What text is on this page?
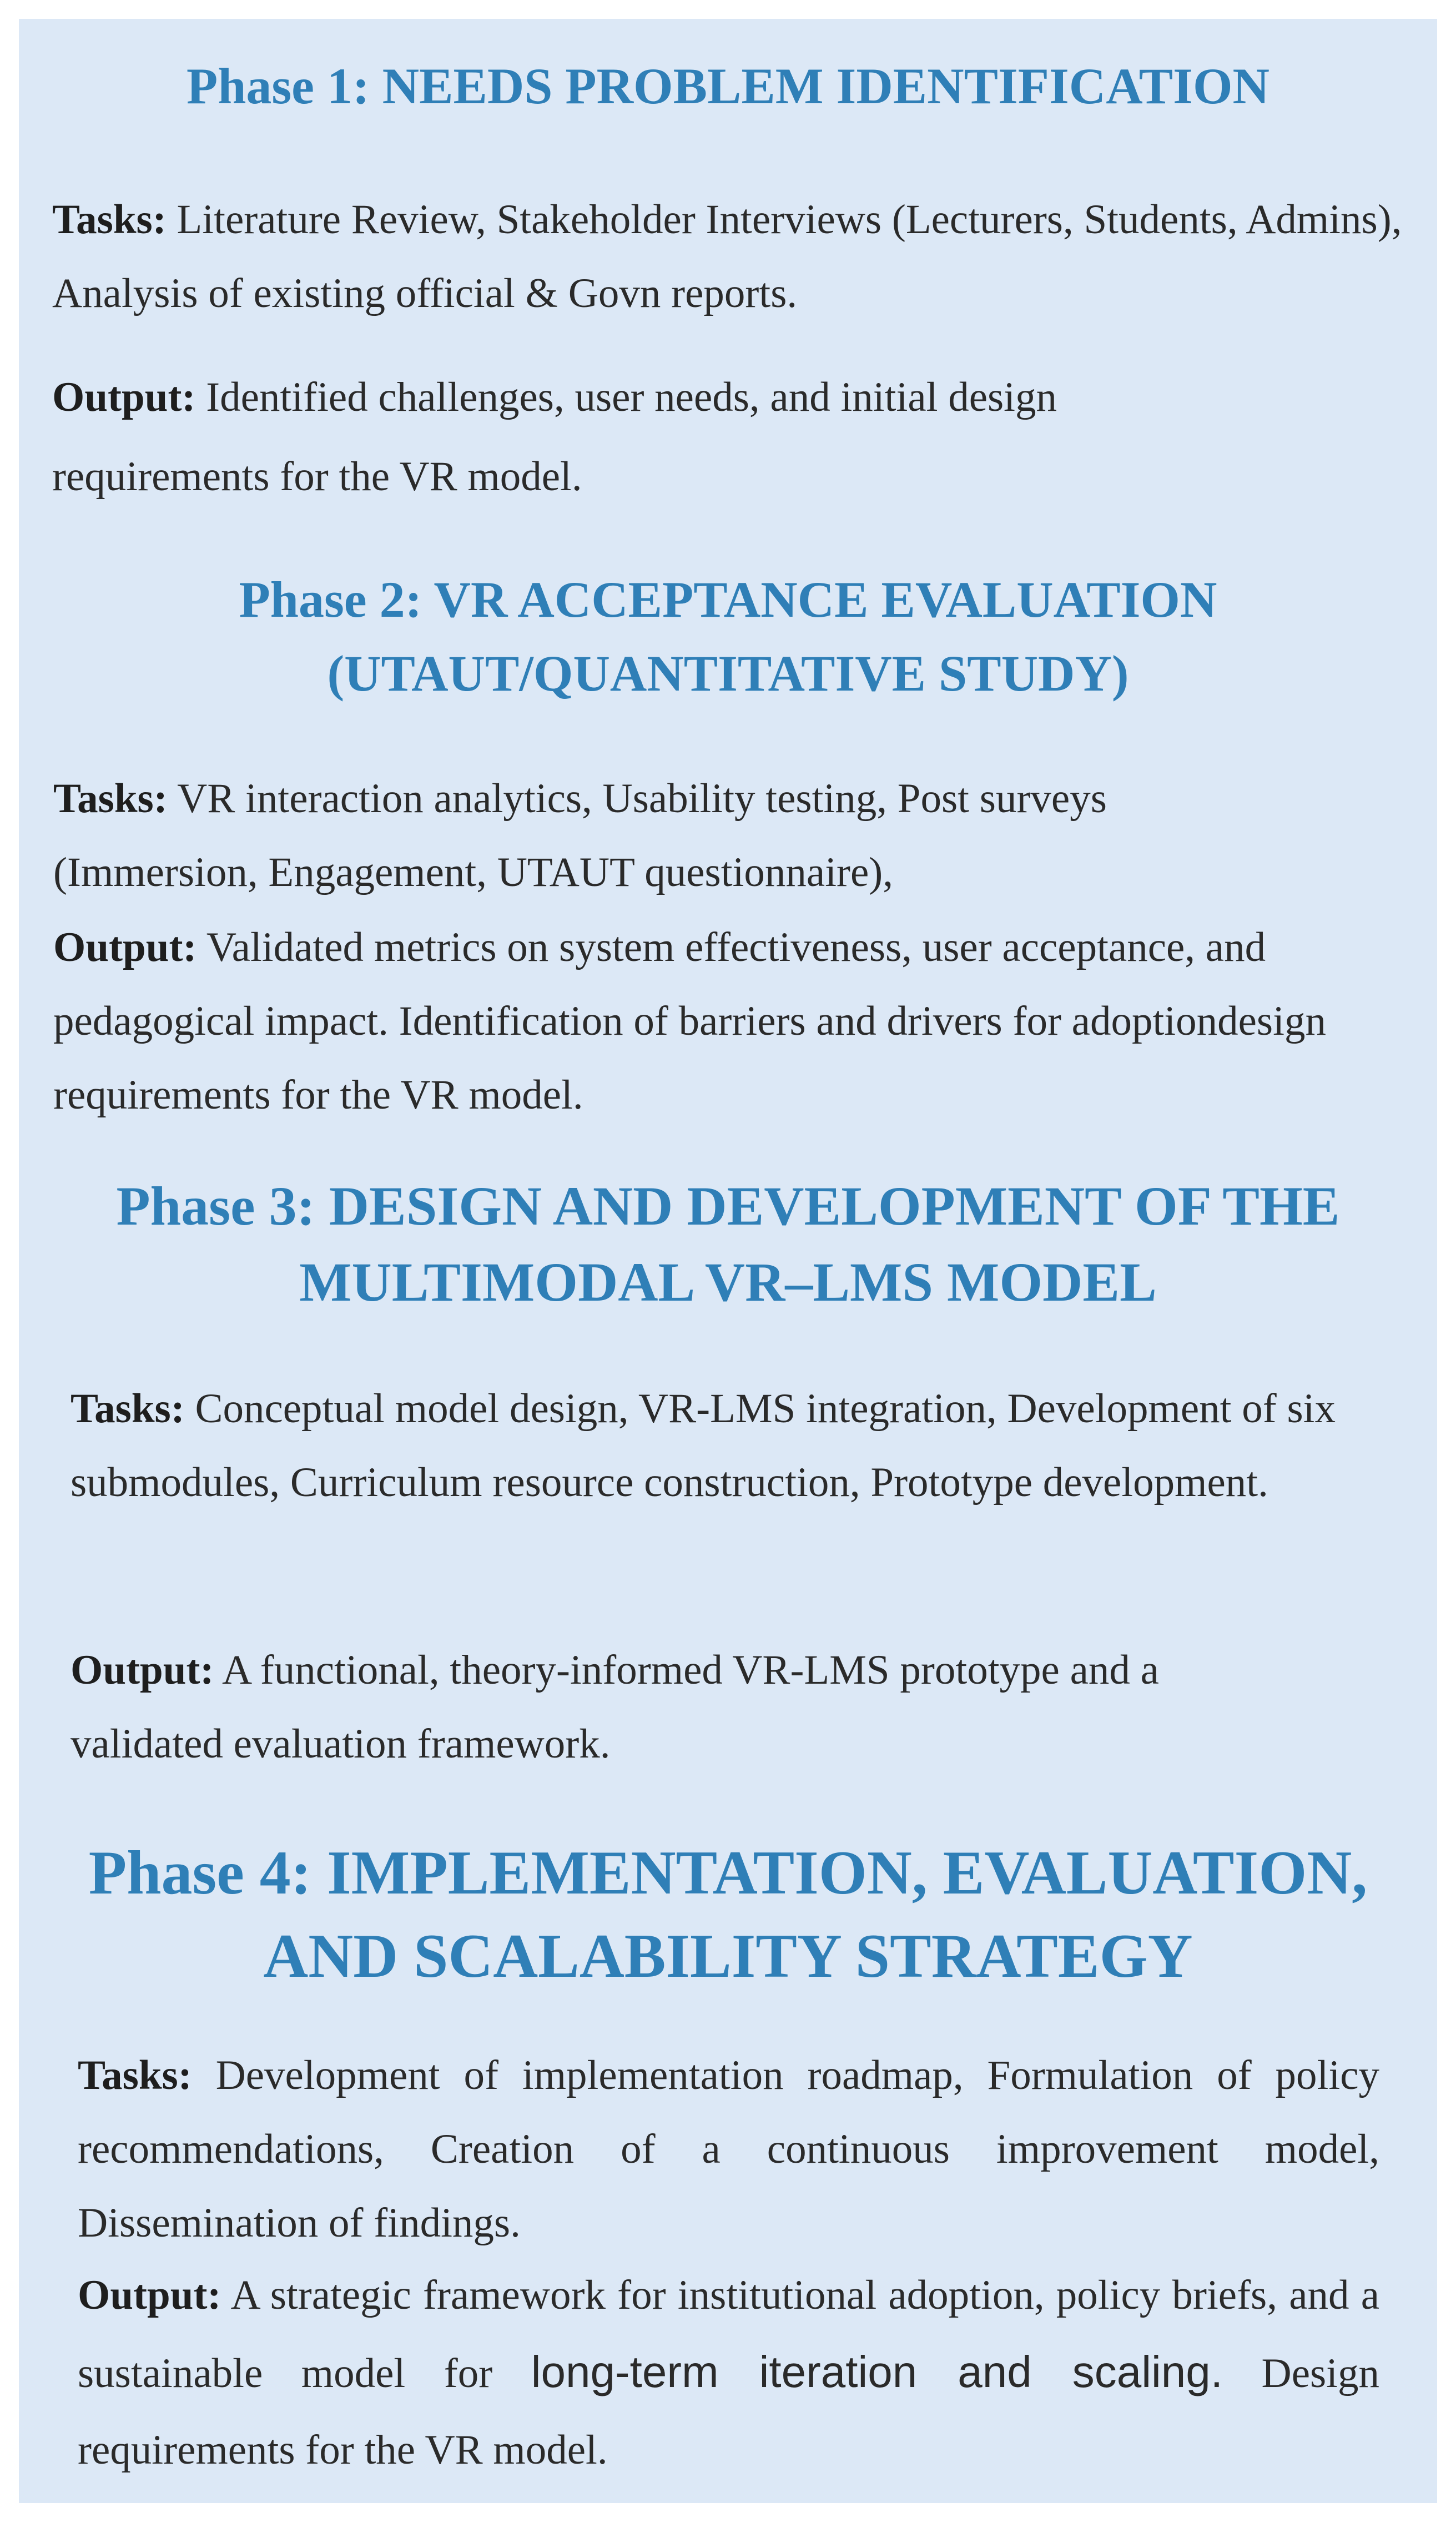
Phase 1: NEEDS PROBLEM IDENTIFICATION

Tasks: Literature Review, Stakeholder Interviews (Lecturers, Students, Admins), Analysis of existing official & Govn reports.

Output: Identified challenges, user needs, and initial design requirements for the VR model.

Phase 2: VR ACCEPTANCE EVALUATION
(UTAUT/QUANTITATIVE STUDY)

Tasks: VR interaction analytics, Usability testing, Post surveys (Immersion, Engagement, UTAUT questionnaire),

Output: Validated metrics on system effectiveness, user acceptance, and pedagogical impact. Identification of barriers and drivers for adoptiondesign requirements for the VR model.

Phase 3: DESIGN AND DEVELOPMENT OF THE
MULTIMODAL VR–LMS MODEL

Tasks: Conceptual model design, VR-LMS integration, Development of six submodules, Curriculum resource construction, Prototype development.

Output: A functional, theory-informed VR-LMS prototype and a validated evaluation framework.

Phase 4: IMPLEMENTATION, EVALUATION,
AND SCALABILITY STRATEGY

Tasks: Development of implementation roadmap, Formulation of policy recommendations, Creation of a continuous improvement model, Dissemination of findings.

Output: A strategic framework for institutional adoption, policy briefs, and a sustainable model for long-term iteration and scaling. Design requirements for the VR model.
